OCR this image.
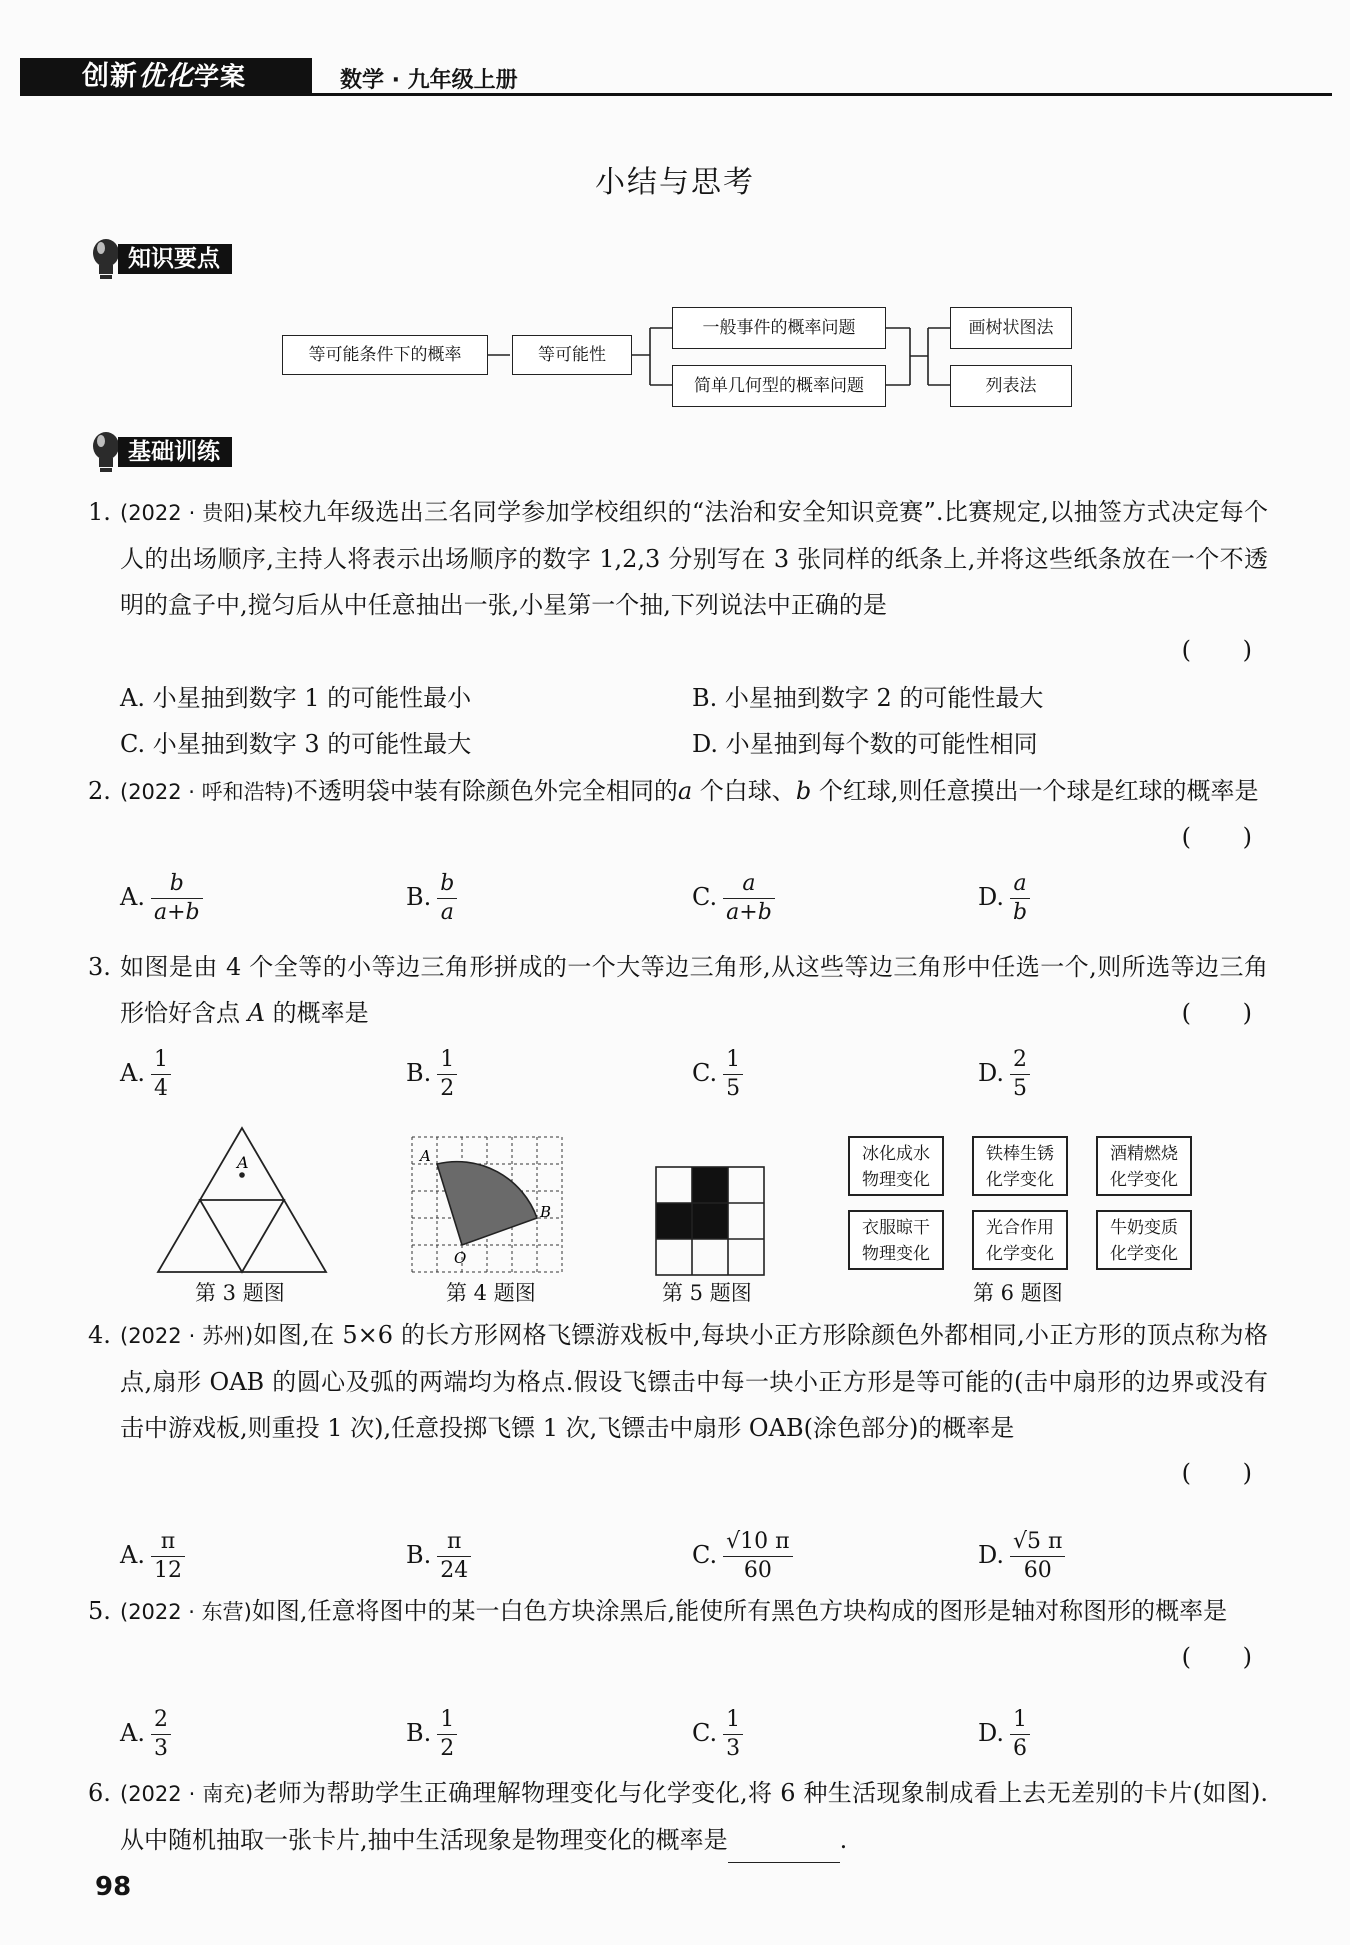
创新优化学案	数学 · 九年级上册
小结与思考
知识要点
等可能条件下的概率	等可能性
一般事件的概率问题
简单几何型的概率问题
画树状图法
列表法
基础训练
1. (2022 · 贵阳)某校九年级选出三名同学参加学校组织的“法治和安全知识竞赛”.比赛规定,以抽签方式决定每个人的出场顺序,主持人将表示出场顺序的数字 1,2,3 分别写在 3 张同样的纸条上,并将这些纸条放在一个不透明的盒子中,搅匀后从中任意抽出一张,小星第一个抽,下列说法中正确的是
( )
A. 小星抽到数字 1 的可能性最小	B. 小星抽到数字 2 的可能性最大
C. 小星抽到数字 3 的可能性最大	D. 小星抽到每个数的可能性相同
2. (2022 · 呼和浩特)不透明袋中装有除颜色外完全相同的a 个白球、b 个红球,则任意摸出一个球是红球的概率是
( )
A. $\frac{b}{a+b}$	B. $\frac{b}{a}$	C. $\frac{a}{a+b}$	D. $\frac{a}{b}$
3. 如图是由 4 个全等的小等边三角形拼成的一个大等边三角形,从这些等边三角形中任选一个,则所选等边三角形恰好含点 A 的概率是	( )
A. $\frac{1}{4}$	B. $\frac{1}{2}$	C. $\frac{1}{5}$	D. $\frac{2}{5}$
A
第 3 题图
A
B
O
第 4 题图	第 5 题图
冰化成水
物理变化
铁棒生锈
化学变化
酒精燃烧
化学变化
衣服晾干
物理变化
光合作用
化学变化
牛奶变质
化学变化
第 6 题图
4. (2022 · 苏州)如图,在 5×6 的长方形网格飞镖游戏板中,每块小正方形除颜色外都相同,小正方形的顶点称为格点,扇形 OAB 的圆心及弧的两端均为格点.假设飞镖击中每一块小正方形是等可能的(击中扇形的边界或没有击中游戏板,则重投 1 次),任意投掷飞镖 1 次,飞镖击中扇形 OAB(涂色部分)的概率是
( )
A. $\frac{\pi}{12}$	B. $\frac{\pi}{24}$	C. $\frac{√10 \pi}{60}$	D. $\frac{√5 \pi}{60}$
5. (2022 · 东营)如图,任意将图中的某一白色方块涂黑后,能使所有黑色方块构成的图形是轴对称图形的概率是
( )
A. $\frac{2}{3}$	B. $\frac{1}{2}$	C. $\frac{1}{3}$	D. $\frac{1}{6}$
6. (2022 · 南充)老师为帮助学生正确理解物理变化与化学变化,将 6 种生活现象制成看上去无差别的卡片(如图).从中随机抽取一张卡片,抽中生活现象是物理变化的概率是	.
98
